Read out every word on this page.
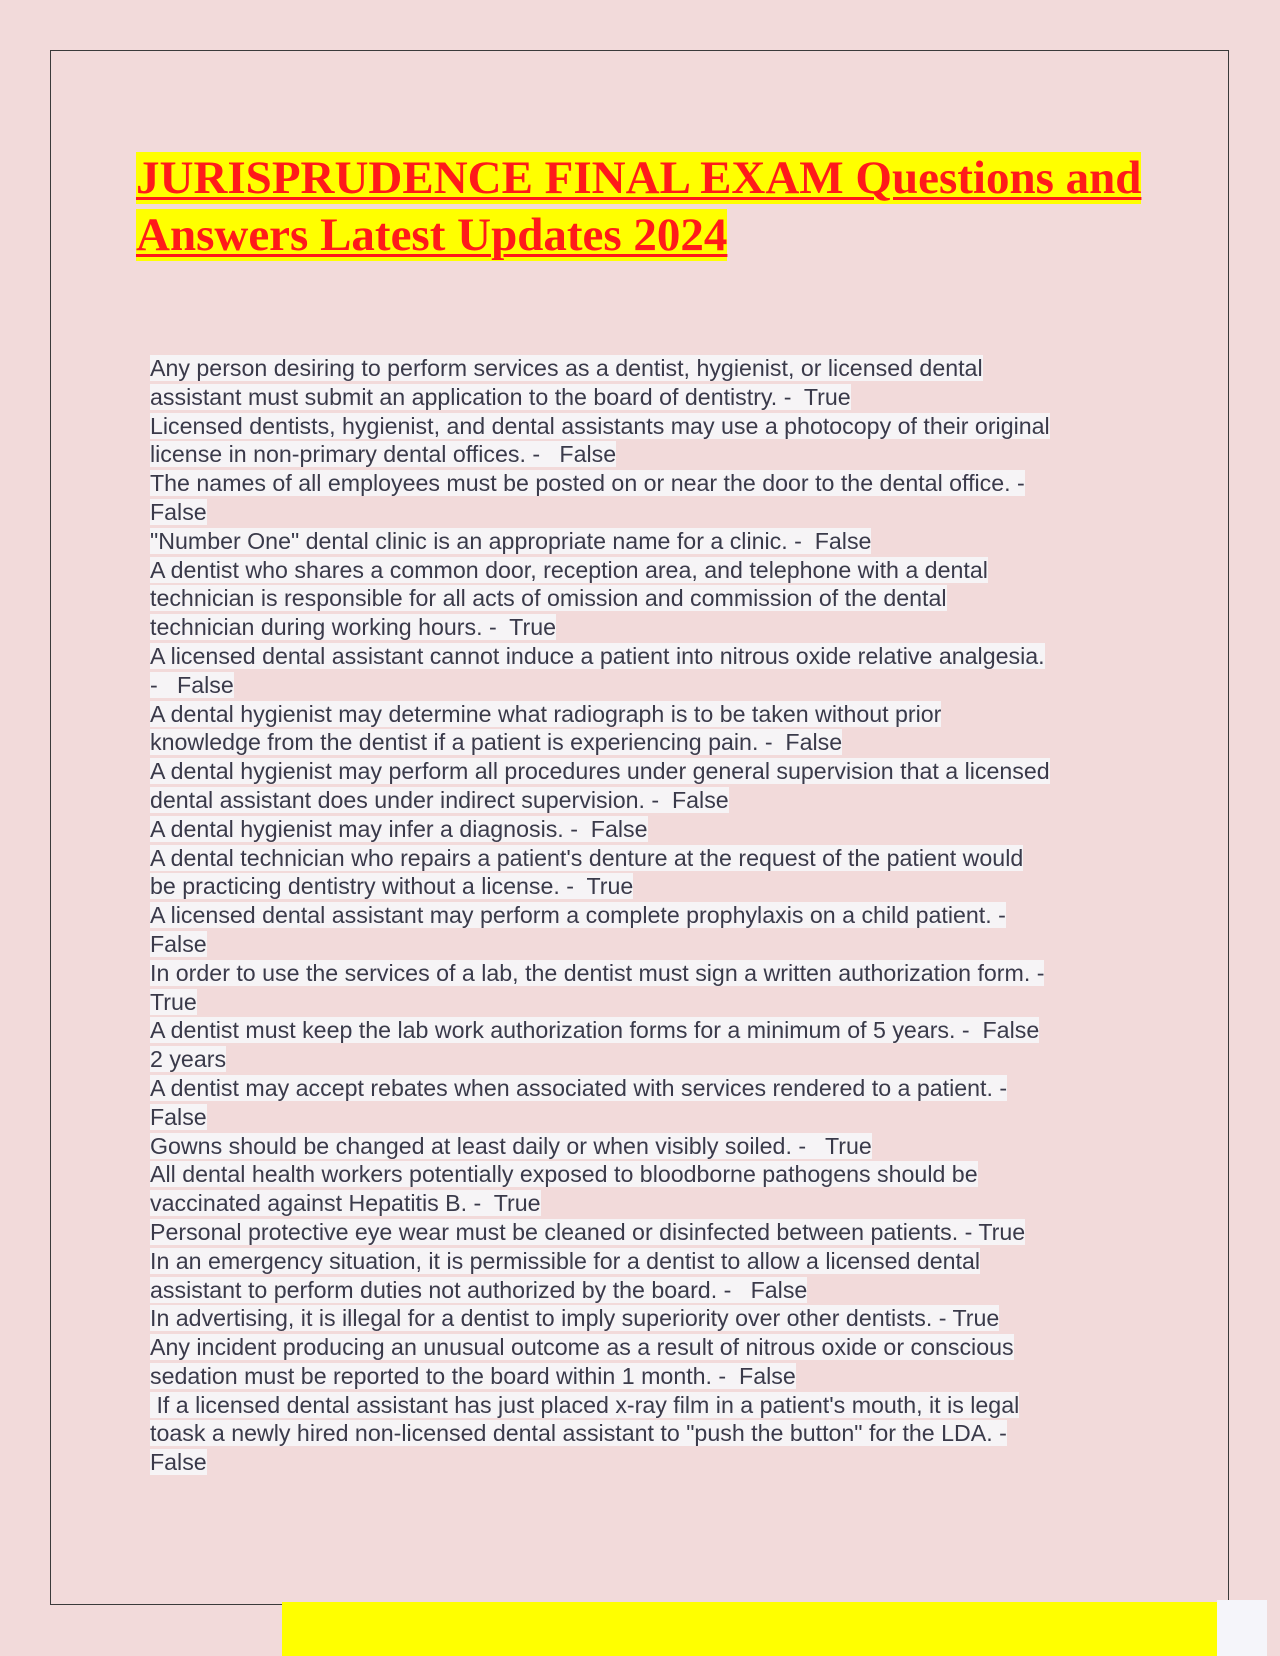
JURISPRUDENCE FINAL EXAM Questions and Answers Latest Updates 2024
Any person desiring to perform services as a dentist, hygienist, or licensed dental
assistant must submit an application to the board of dentistry. -  True
Licensed dentists, hygienist, and dental assistants may use a photocopy of their original
license in non-primary dental offices. -   False
The names of all employees must be posted on or near the door to the dental office. -
False
"Number One" dental clinic is an appropriate name for a clinic. -  False
A dentist who shares a common door, reception area, and telephone with a dental
technician is responsible for all acts of omission and commission of the dental
technician during working hours. -  True
A licensed dental assistant cannot induce a patient into nitrous oxide relative analgesia.
-   False
A dental hygienist may determine what radiograph is to be taken without prior
knowledge from the dentist if a patient is experiencing pain. -  False
A dental hygienist may perform all procedures under general supervision that a licensed
dental assistant does under indirect supervision. -  False
A dental hygienist may infer a diagnosis. -  False
A dental technician who repairs a patient's denture at the request of the patient would
be practicing dentistry without a license. -  True
A licensed dental assistant may perform a complete prophylaxis on a child patient. -
False
In order to use the services of a lab, the dentist must sign a written authorization form. -
True
A dentist must keep the lab work authorization forms for a minimum of 5 years. -  False
2 years
A dentist may accept rebates when associated with services rendered to a patient. -
False
Gowns should be changed at least daily or when visibly soiled. -   True
All dental health workers potentially exposed to bloodborne pathogens should be
vaccinated against Hepatitis B. -  True
Personal protective eye wear must be cleaned or disinfected between patients. - True
In an emergency situation, it is permissible for a dentist to allow a licensed dental
assistant to perform duties not authorized by the board. -   False
In advertising, it is illegal for a dentist to imply superiority over other dentists. - True
Any incident producing an unusual outcome as a result of nitrous oxide or conscious
sedation must be reported to the board within 1 month. -  False
If a licensed dental assistant has just placed x-ray film in a patient's mouth, it is legal
toask a newly hired non-licensed dental assistant to "push the button" for the LDA. -
False
